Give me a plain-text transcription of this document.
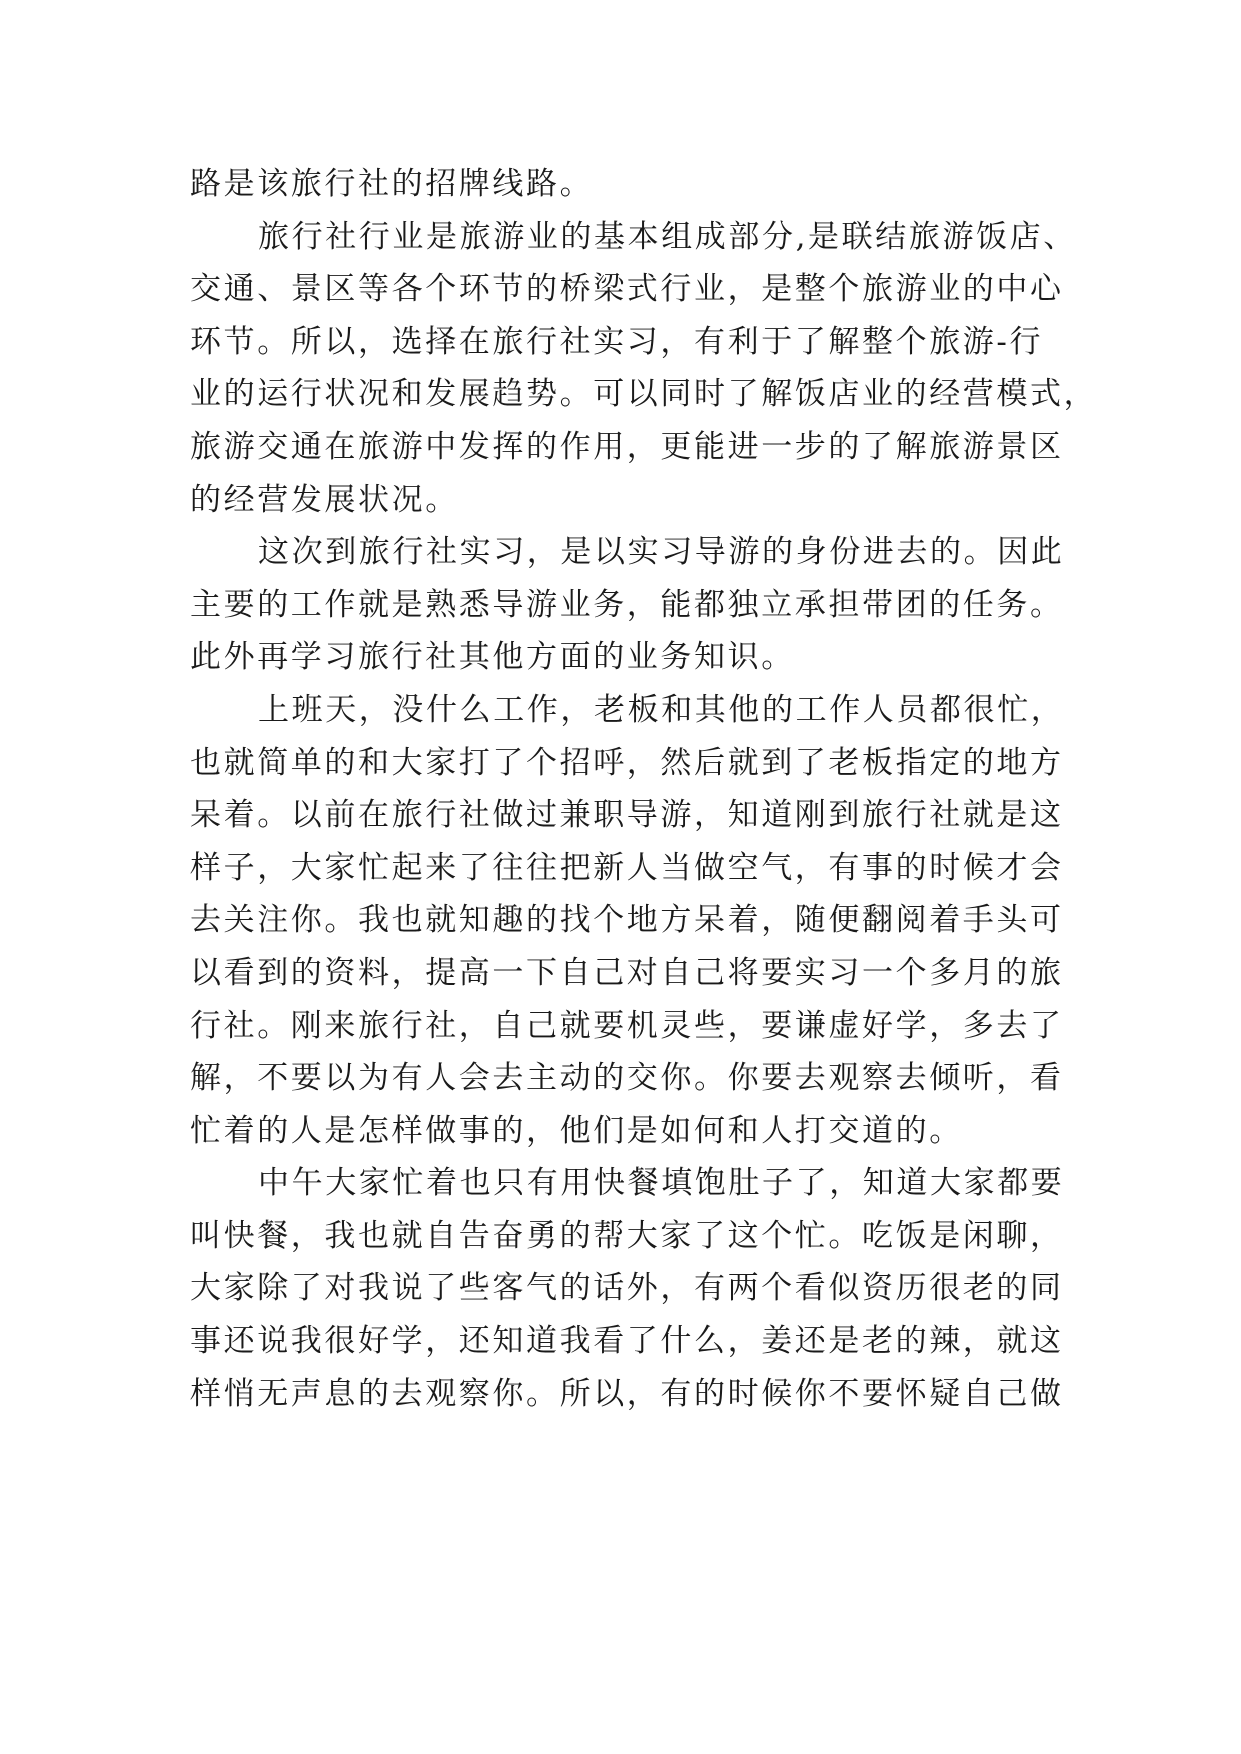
路是该旅行社的招牌线路。
旅行社行业是旅游业的基本组成部分,是联结旅游饭店、
交通、景区等各个环节的桥梁式行业，是整个旅游业的中心
环节。所以，选择在旅行社实习，有利于了解整个旅游-行
业的运行状况和发展趋势。可以同时了解饭店业的经营模式，
旅游交通在旅游中发挥的作用，更能进一步的了解旅游景区
的经营发展状况。
这次到旅行社实习，是以实习导游的身份进去的。因此
主要的工作就是熟悉导游业务，能都独立承担带团的任务。
此外再学习旅行社其他方面的业务知识。
上班天，没什么工作，老板和其他的工作人员都很忙，
也就简单的和大家打了个招呼，然后就到了老板指定的地方
呆着。以前在旅行社做过兼职导游，知道刚到旅行社就是这
样子，大家忙起来了往往把新人当做空气，有事的时候才会
去关注你。我也就知趣的找个地方呆着，随便翻阅着手头可
以看到的资料，提高一下自己对自己将要实习一个多月的旅
行社。刚来旅行社，自己就要机灵些，要谦虚好学，多去了
解，不要以为有人会去主动的交你。你要去观察去倾听，看
忙着的人是怎样做事的，他们是如何和人打交道的。
中午大家忙着也只有用快餐填饱肚子了，知道大家都要
叫快餐，我也就自告奋勇的帮大家了这个忙。吃饭是闲聊，
大家除了对我说了些客气的话外，有两个看似资历很老的同
事还说我很好学，还知道我看了什么，姜还是老的辣，就这
样悄无声息的去观察你。所以，有的时候你不要怀疑自己做
